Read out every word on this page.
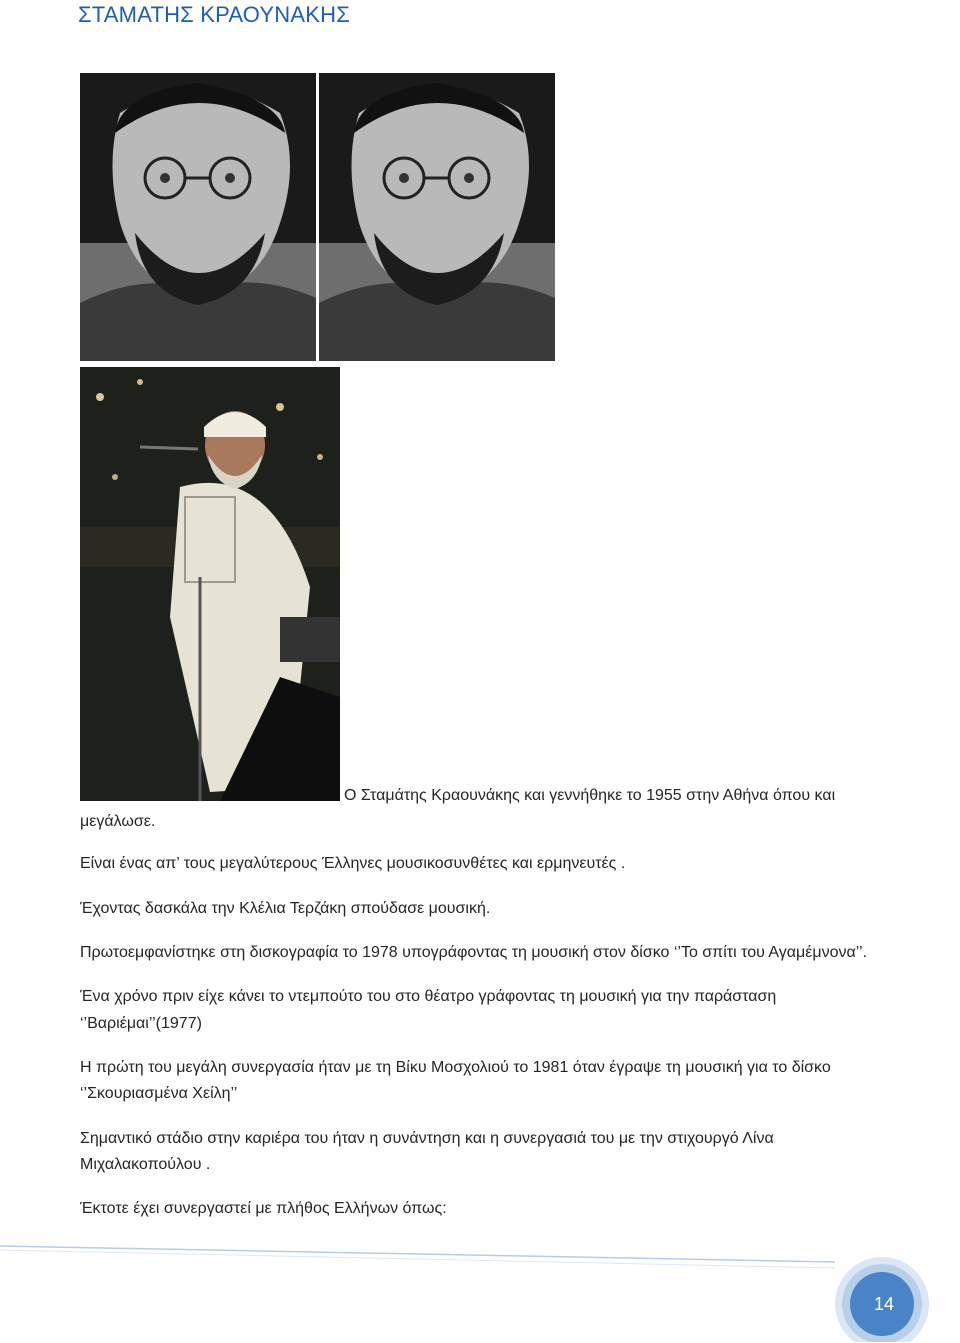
ΣΤΑΜΑΤΗΣ ΚΡΑΟΥΝΑΚΗΣ
Ο Σταμάτης Κραουνάκης και γεννήθηκε το 1955 στην Αθήνα όπου και
μεγάλωσε.
Είναι ένας απ’ τους μεγαλύτερους Έλληνες μουσικοσυνθέτες και ερμηνευτές .
Έχοντας δασκάλα την Κλέλια Τερζάκη σπούδασε μουσική.
Πρωτοεμφανίστηκε στη δισκογραφία το 1978 υπογράφοντας τη μουσική στον δίσκο ‘’Το σπίτι του Αγαμέμνονα’’.
Ένα χρόνο πριν είχε κάνει το ντεμπούτο του στο θέατρο γράφοντας τη μουσική για την παράσταση
‘’Βαριέμαι’’(1977)
Η πρώτη του μεγάλη συνεργασία ήταν με τη Βίκυ Μοσχολιού το 1981 όταν έγραψε τη μουσική για το δίσκο
‘’Σκουριασμένα Χείλη’’
Σημαντικό στάδιο στην καριέρα του ήταν η συνάντηση και η συνεργασιά του με την στιχουργό Λίνα
Μιχαλακοπούλου .
Έκτοτε έχει συνεργαστεί με πλήθος Ελλήνων όπως:
14
